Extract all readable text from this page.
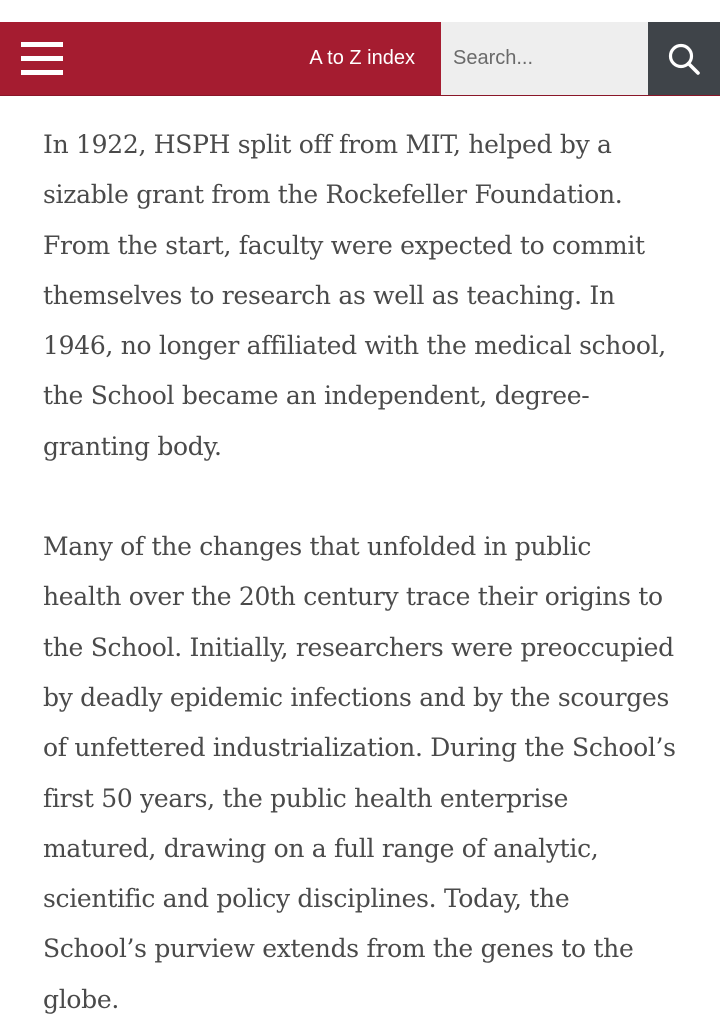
A to Z index
Search...

In 1922, HSPH split off from MIT, helped by a sizable grant from the Rockefeller Foundation. From the start, faculty were expected to commit themselves to research as well as teaching. In 1946, no longer affiliated with the medical school, the School became an independent, degree-granting body.

Many of the changes that unfolded in public health over the 20th century trace their origins to the School. Initially, researchers were preoccupied by deadly epidemic infections and by the scourges of unfettered industrialization. During the School’s first 50 years, the public health enterprise matured, drawing on a full range of analytic, scientific and policy disciplines. Today, the School’s purview extends from the genes to the globe.
